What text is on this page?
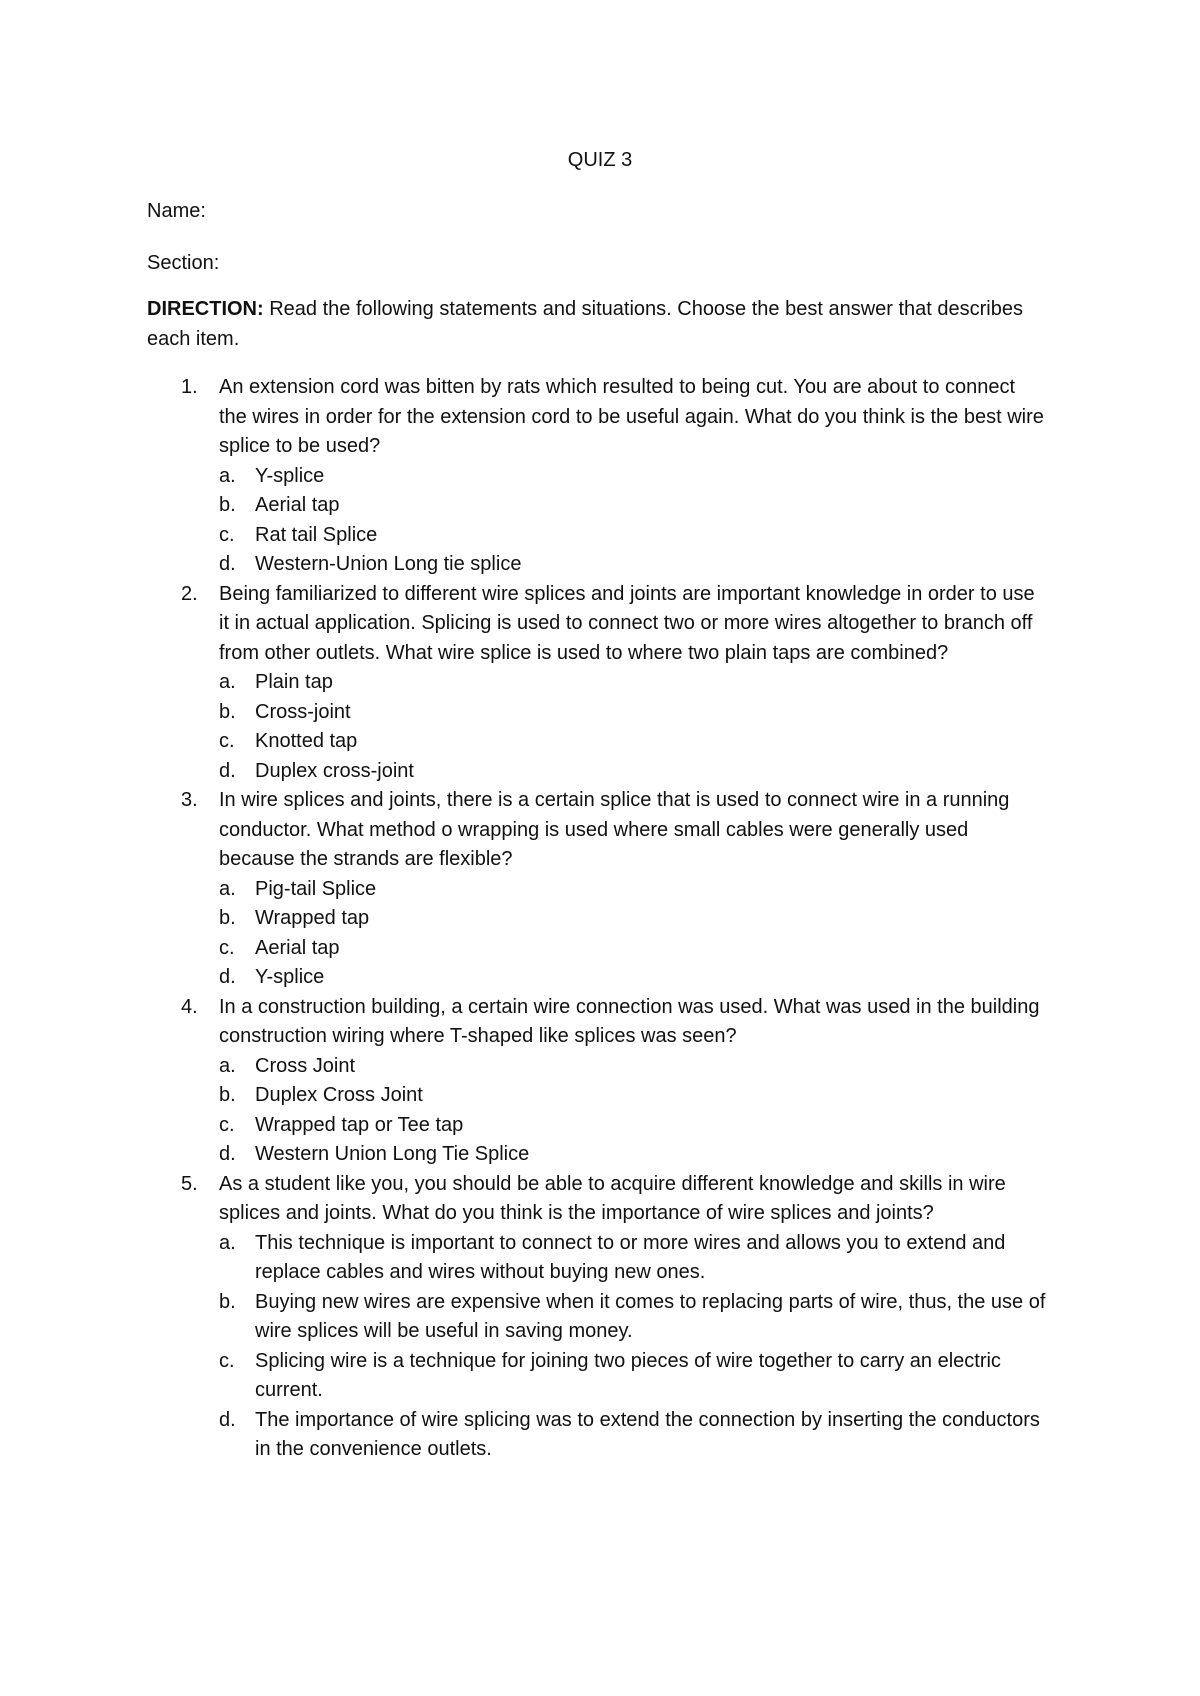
QUIZ 3
Name:
Section:
DIRECTION: Read the following statements and situations. Choose the best answer that describes each item.
1. An extension cord was bitten by rats which resulted to being cut. You are about to connect the wires in order for the extension cord to be useful again. What do you think is the best wire splice to be used?
a. Y-splice
b. Aerial tap
c. Rat tail Splice
d. Western-Union Long tie splice
2. Being familiarized to different wire splices and joints are important knowledge in order to use it in actual application. Splicing is used to connect two or more wires altogether to branch off from other outlets. What wire splice is used to where two plain taps are combined?
a. Plain tap
b. Cross-joint
c. Knotted tap
d. Duplex cross-joint
3. In wire splices and joints, there is a certain splice that is used to connect wire in a running conductor. What method o wrapping is used where small cables were generally used because the strands are flexible?
a. Pig-tail Splice
b. Wrapped tap
c. Aerial tap
d. Y-splice
4. In a construction building, a certain wire connection was used. What was used in the building construction wiring where T-shaped like splices was seen?
a. Cross Joint
b. Duplex Cross Joint
c. Wrapped tap or Tee tap
d. Western Union Long Tie Splice
5. As a student like you, you should be able to acquire different knowledge and skills in wire splices and joints. What do you think is the importance of wire splices and joints?
a. This technique is important to connect to or more wires and allows you to extend and replace cables and wires without buying new ones.
b. Buying new wires are expensive when it comes to replacing parts of wire, thus, the use of wire splices will be useful in saving money.
c. Splicing wire is a technique for joining two pieces of wire together to carry an electric current.
d. The importance of wire splicing was to extend the connection by inserting the conductors in the convenience outlets.
